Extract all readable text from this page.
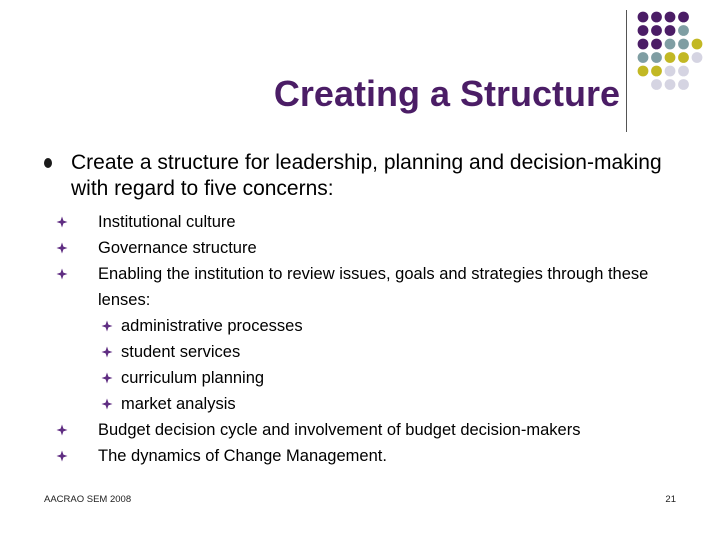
Creating a Structure
Create a structure for leadership, planning and decision-making with regard to five concerns:
Institutional culture
Governance structure
Enabling the institution to review issues, goals and strategies through these lenses:
administrative processes
student services
curriculum planning
market analysis
Budget decision cycle and involvement of budget decision-makers
The dynamics of Change Management.
AACRAO SEM 2008	21
